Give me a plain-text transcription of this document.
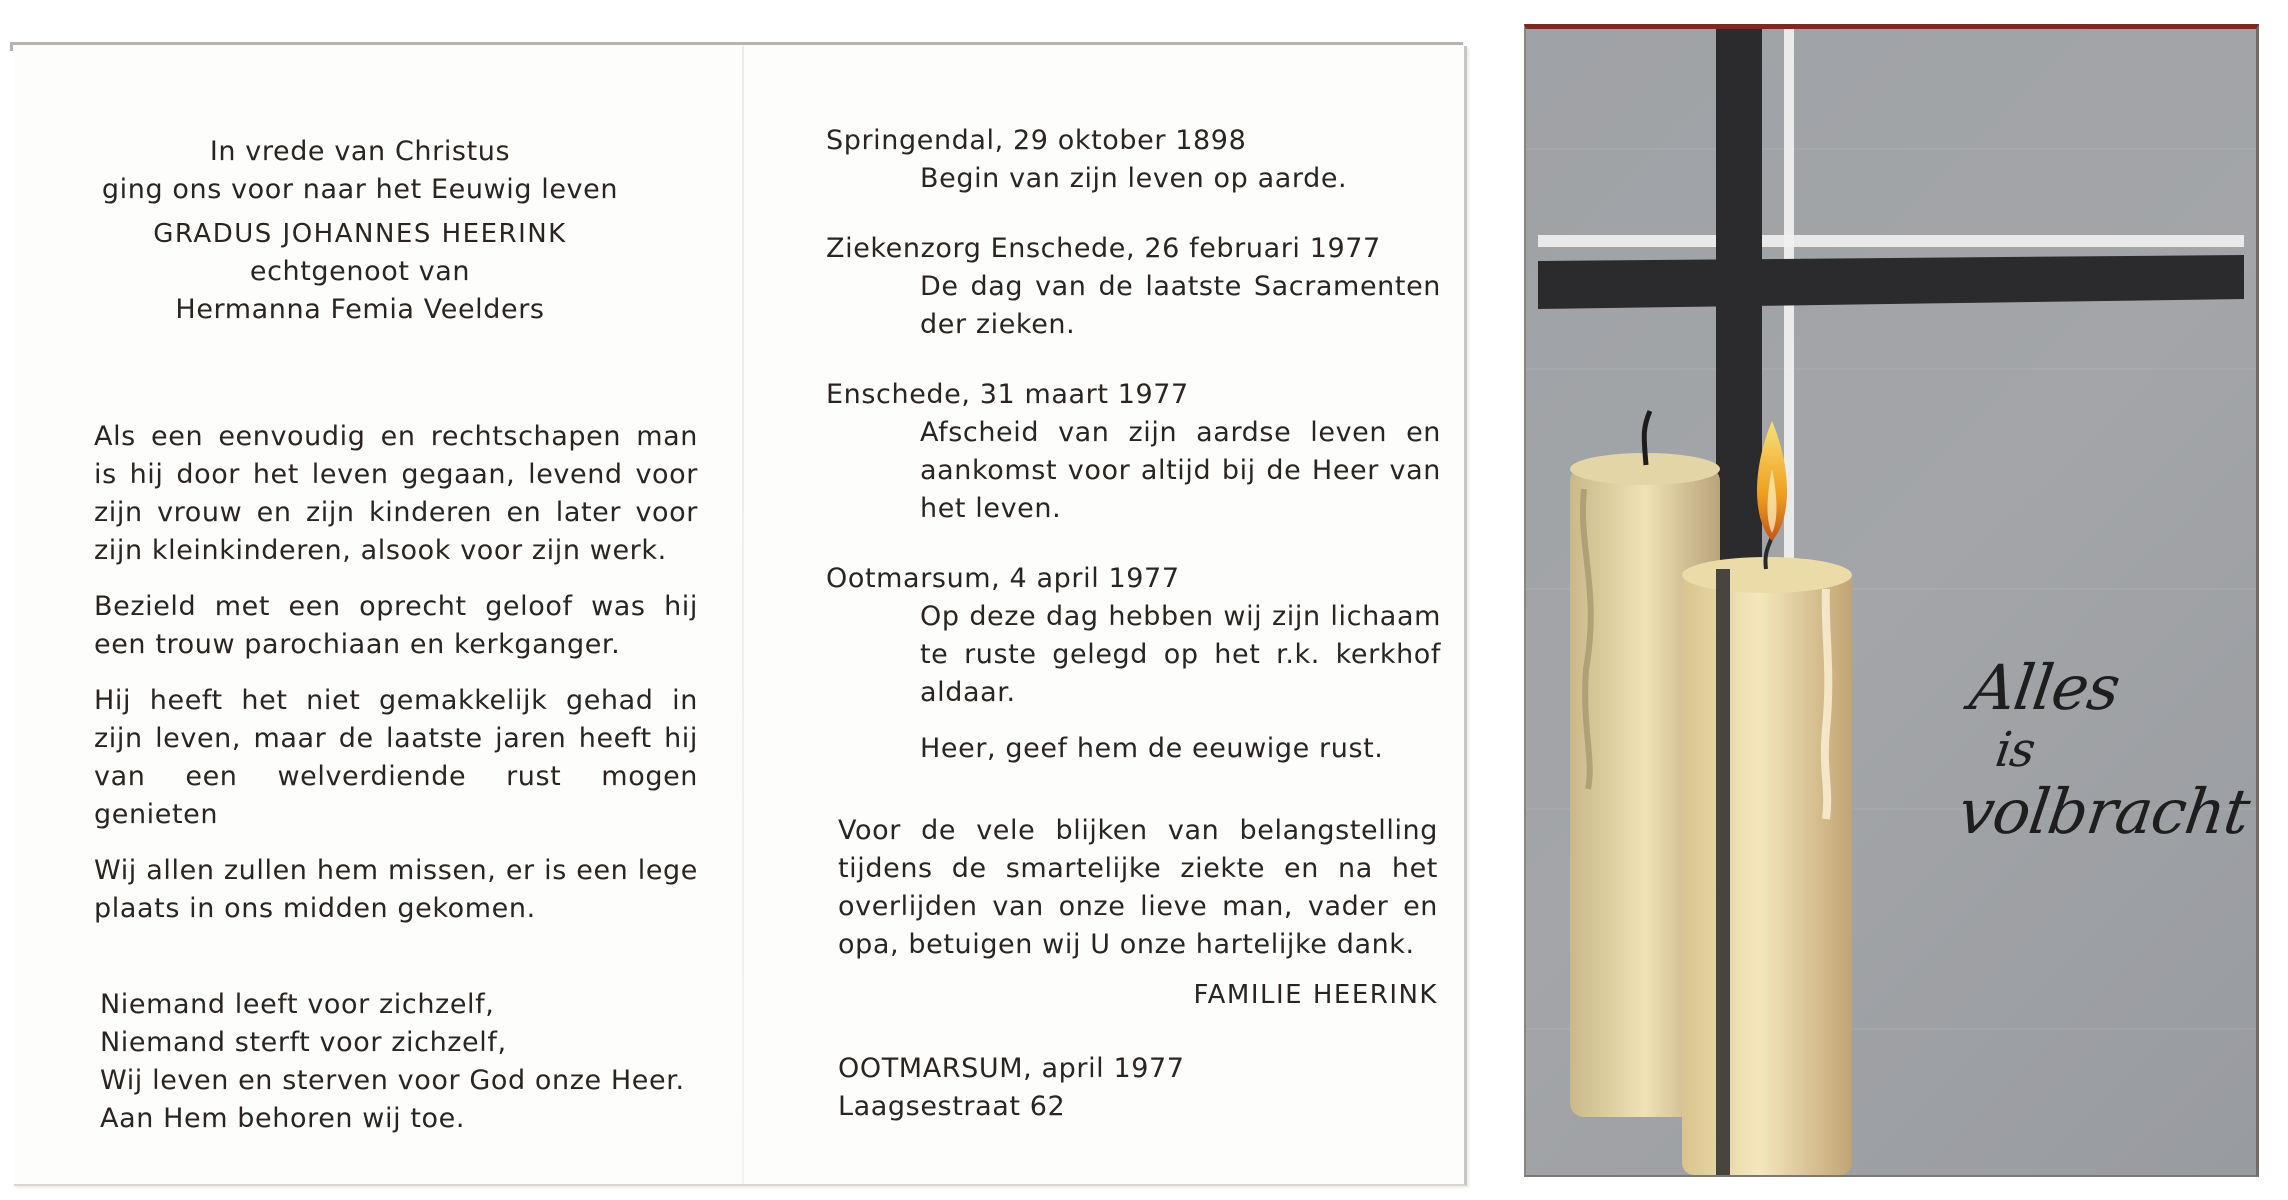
In vrede van Christus
ging ons voor naar het Eeuwig leven
GRADUS JOHANNES HEERINK
echtgenoot van
Hermanna Femia Veelders

Als een eenvoudig en rechtschapen man is hij door het leven gegaan, levend voor zijn vrouw en zijn kinderen en later voor zijn kleinkinderen, alsook voor zijn werk.

Bezield met een oprecht geloof was hij een trouw parochiaan en kerkganger.

Hij heeft het niet gemakkelijk gehad in zijn leven, maar de laatste jaren heeft hij van een welverdiende rust mogen genieten

Wij allen zullen hem missen, er is een lege plaats in ons midden gekomen.

Niemand leeft voor zichzelf,
Niemand sterft voor zichzelf,
Wij leven en sterven voor God onze Heer.
Aan Hem behoren wij toe.
Springendal, 29 oktober 1898
Begin van zijn leven op aarde.
Ziekenzorg Enschede, 26 februari 1977
De dag van de laatste Sacramenten der zieken.
Enschede, 31 maart 1977
Afscheid van zijn aardse leven en aankomst voor altijd bij de Heer van het leven.
Ootmarsum, 4 april 1977
Op deze dag hebben wij zijn lichaam te ruste gelegd op het r.k. kerkhof aldaar.
Heer, geef hem de eeuwige rust.

Voor de vele blijken van belangstelling tijdens de smartelijke ziekte en na het overlijden van onze lieve man, vader en opa, betuigen wij U onze hartelijke dank.

FAMILIE HEERINK
OOTMARSUM, april 1977
Laagsestraat 62
Alles
is
volbracht
